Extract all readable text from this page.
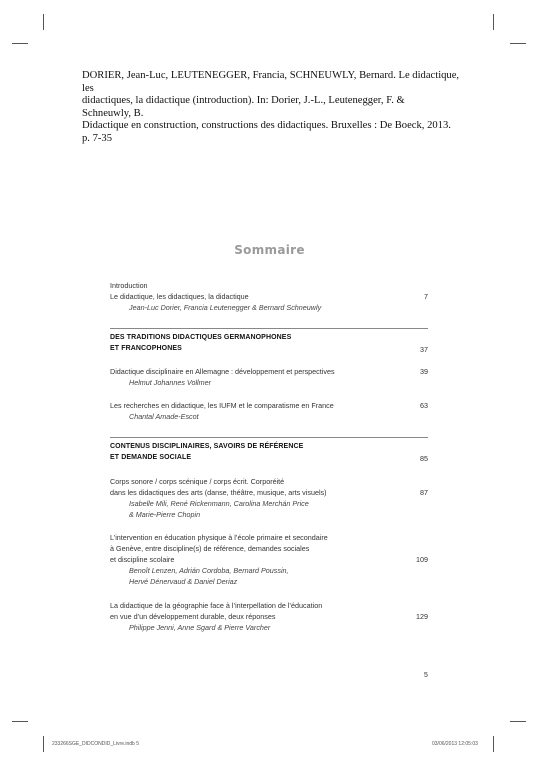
DORIER, Jean-Luc, LEUTENEGGER, Francia, SCHNEUWLY, Bernard. Le didactique,
les
didactiques, la didactique (introduction). In: Dorier, J.-L., Leutenegger, F. &
Schneuwly, B.
Didactique en construction, constructions des didactiques. Bruxelles : De Boeck, 2013.
p. 7-35
Sommaire
Introduction
Le didactique, les didactiques, la didactique	7
Jean-Luc Dorier, Francia Leutenegger & Bernard Schneuwly
DES TRADITIONS DIDACTIQUES GERMANOPHONES
ET FRANCOPHONES	37
Didactique disciplinaire en Allemagne : développement et perspectives	39
Helmut Johannes Vollmer
Les recherches en didactique, les IUFM et le comparatisme en France	63
Chantal Amade-Escot
CONTENUS DISCIPLINAIRES, SAVOIRS DE RÉFÉRENCE
ET DEMANDE SOCIALE	85
Corps sonore / corps scénique / corps écrit. Corporéité
dans les didactiques des arts (danse, théâtre, musique, arts visuels)	87
Isabelle Mili, René Rickenmann, Carolina Merchán Price
& Marie-Pierre Chopin
L’intervention en éducation physique à l’école primaire et secondaire
à Genève, entre discipline(s) de référence, demandes sociales
et discipline scolaire	109
Benoît Lenzen, Adrián Cordoba, Bernard Poussin,
Hervé Dénervaud & Daniel Deriaz
La didactique de la géographie face à l’interpellation de l’éducation
en vue d’un développement durable, deux réponses	129
Philippe Jenni, Anne Sgard & Pierre Varcher
5
233266SGE_DIDCONDID_Livre.indb 5	03/06/2013 12:05:03
